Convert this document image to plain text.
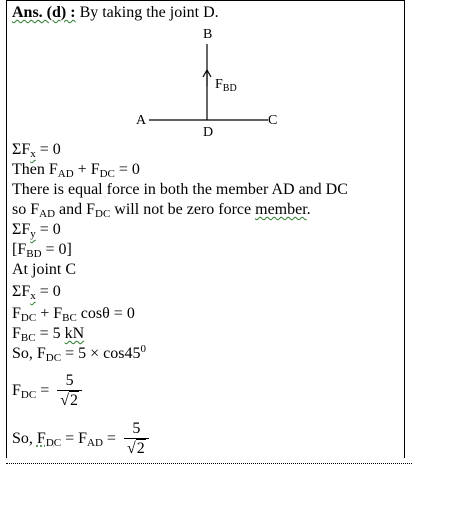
Ans. (d) : By taking the joint D.
B
$F_{BD}$
A	C
D
$\Sigma F_x = 0$
Then $F_{AD} + F_{DC} = 0$
There is equal force in both the member AD and DC
so $F_{AD}$ and $F_{DC}$ will not be zero force member.
$\Sigma F_y = 0$
$[F_{BD} = 0]$
At joint C
$\Sigma F_x = 0$
$F_{DC} + F_{BC}$ cosθ = 0
$F_{BC} = 5$ kN
So, $F_{DC} = 5 \times \cos 45^0$
$F_{DC} = \frac{5}{√2}$
So, $F_{DC} = F_{AD} = \frac{5}{√2}$
